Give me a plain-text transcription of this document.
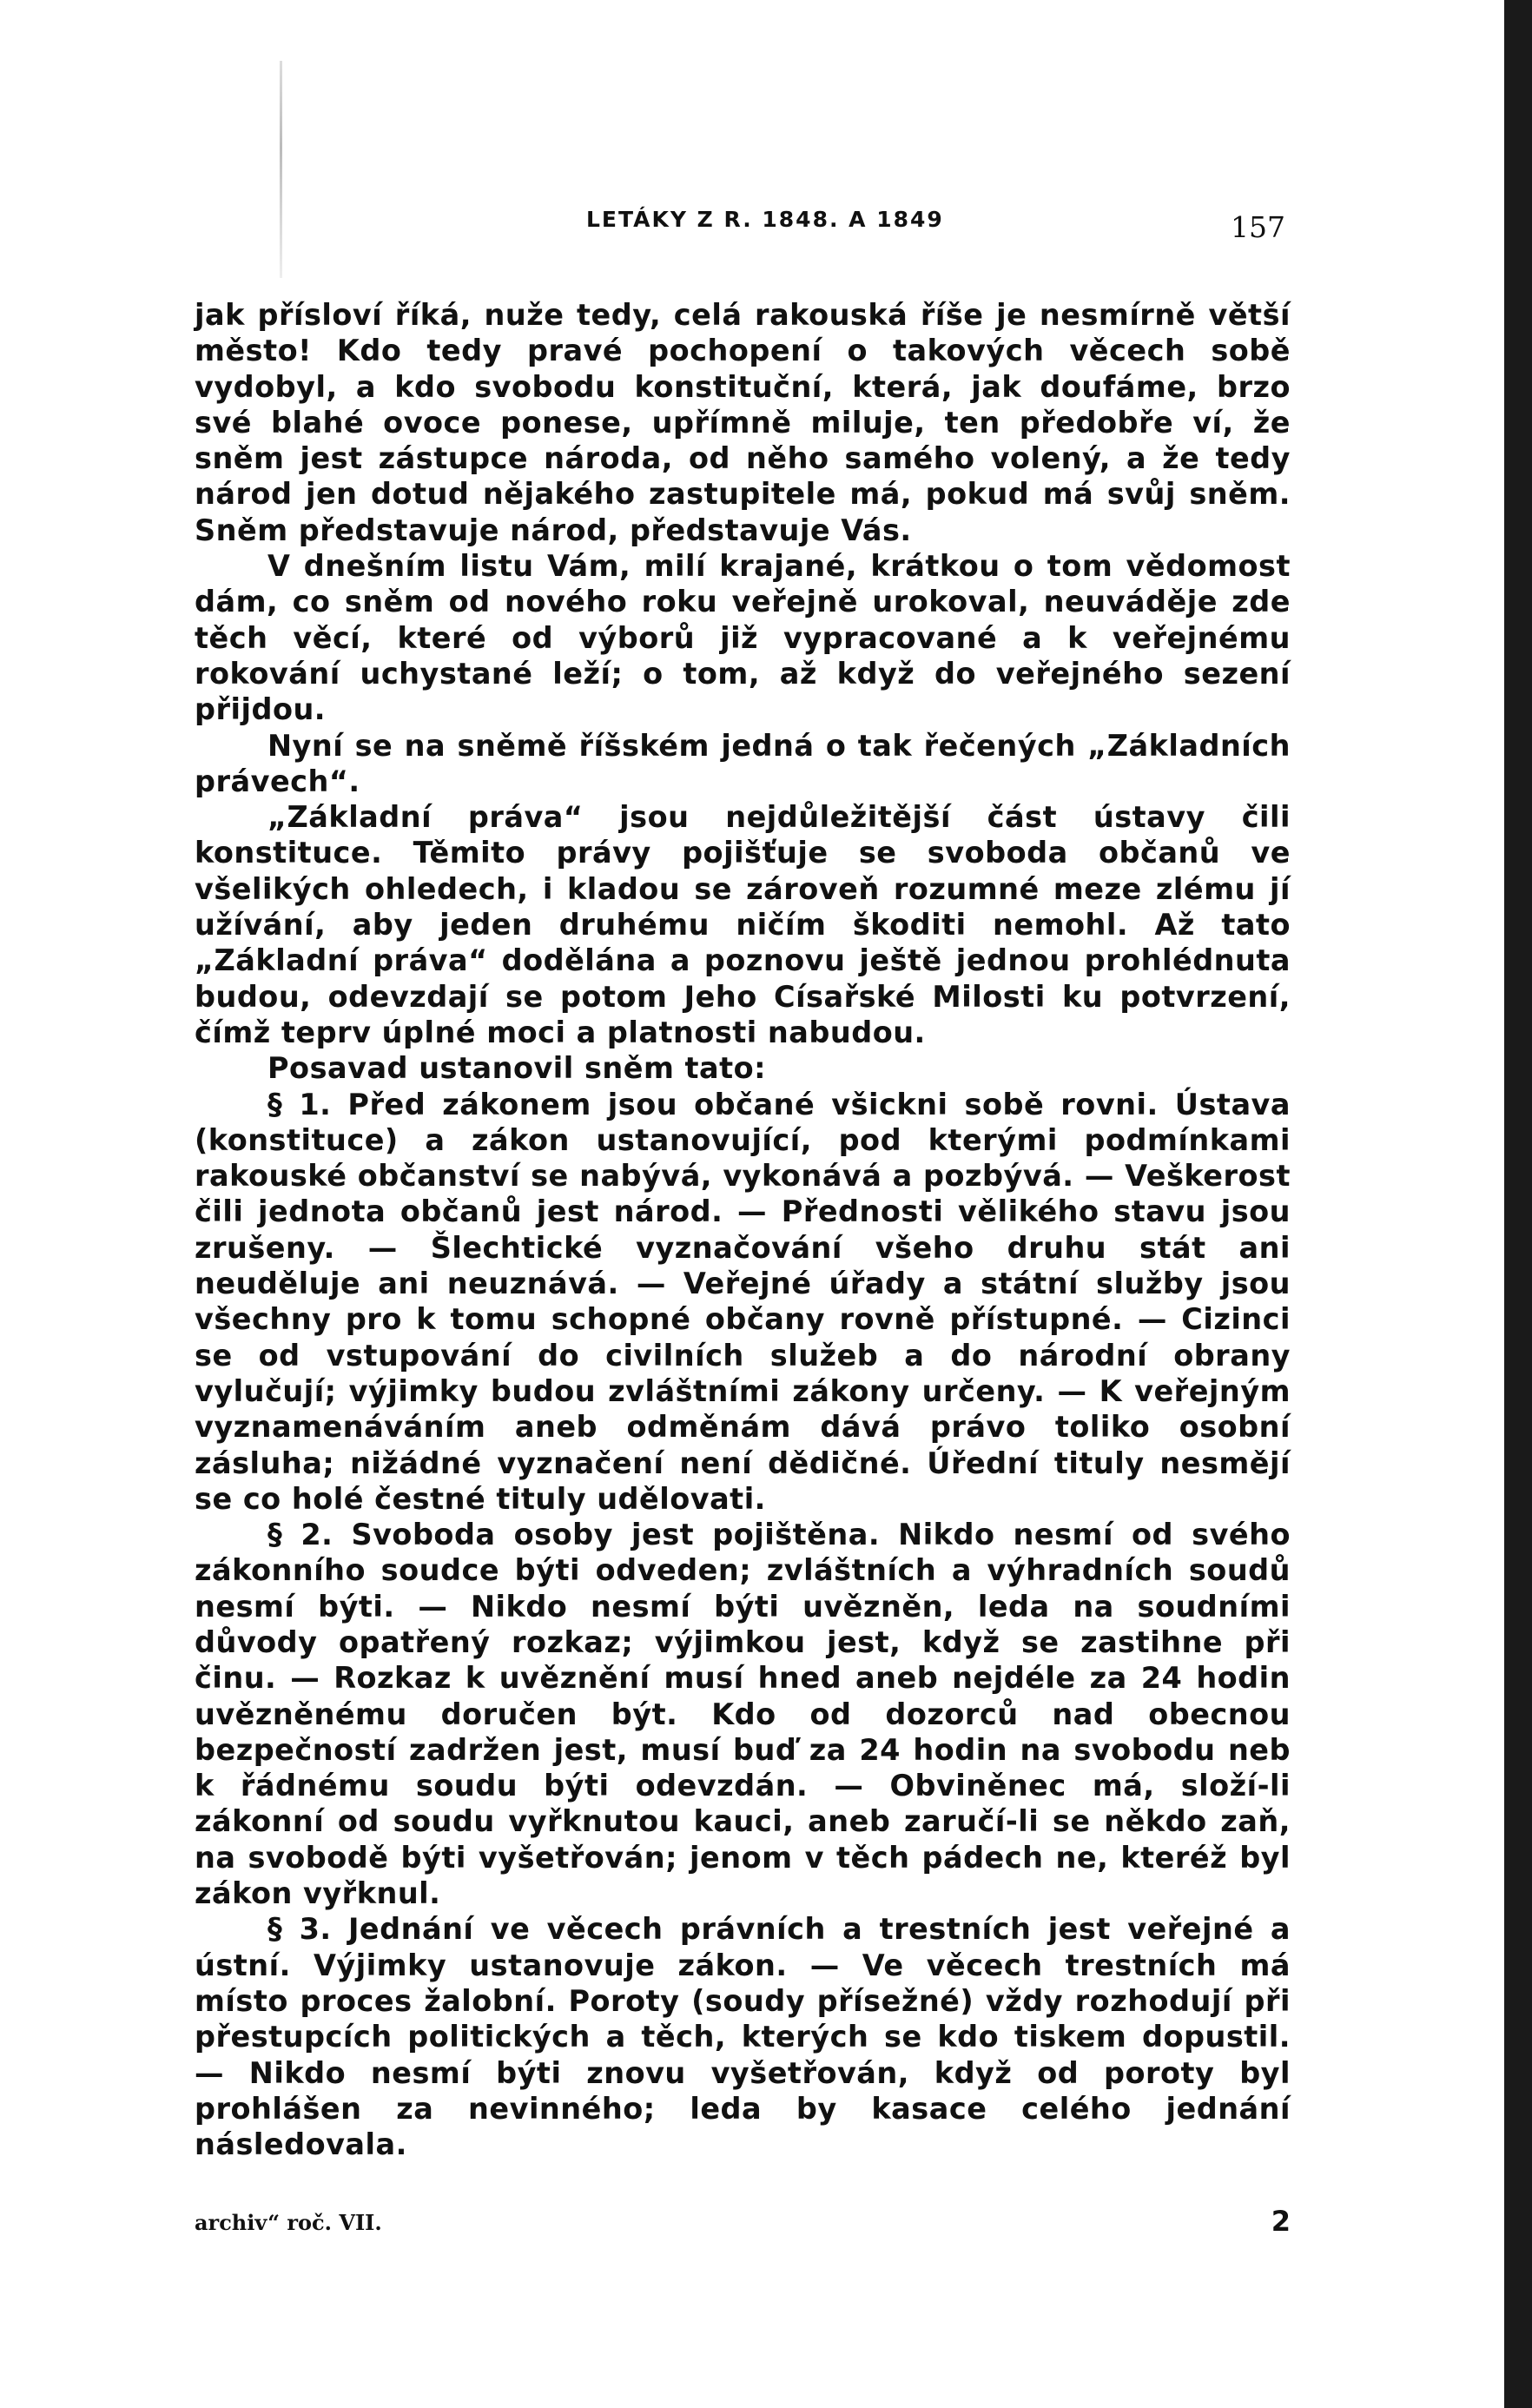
LETÁKY Z R. 1848. A 1849	157

jak přísloví říká, nuže tedy, celá rakouská říše je nesmírně větší město! Kdo tedy pravé pochopení o takových věcech sobě vydobyl, a kdo svobodu konstituční, která, jak doufáme, brzo své blahé ovoce ponese, upřímně miluje, ten předobře ví, že sněm jest zástupce národa, od něho samého volený, a že tedy národ jen dotud nějakého zastupitele má, pokud má svůj sněm. Sněm představuje národ, představuje Vás.

V dnešním listu Vám, milí krajané, krátkou o tom vědomost dám, co sněm od nového roku veřejně urokoval, neuváděje zde těch věcí, které od výborů již vypracované a k veřejnému rokování uchystané leží; o tom, až když do veřejného sezení přijdou.

Nyní se na sněmě říšském jedná o tak řečených „Základních právech“.

„Základní práva“ jsou nejdůležitější část ústavy čili konstituce. Těmito právy pojišťuje se svoboda občanů ve všelikých ohledech, i kladou se zároveň rozumné meze zlému jí užívání, aby jeden druhému ničím škoditi nemohl. Až tato „Základní práva“ dodělána a poznovu ještě jednou prohlédnuta budou, odevzdají se potom Jeho Císařské Milosti ku potvrzení, čímž teprv úplné moci a platnosti nabudou.

Posavad ustanovil sněm tato:

§ 1. Před zákonem jsou občané všickni sobě rovni. Ústava (konstituce) a zákon ustanovující, pod kterými podmínkami rakouské občanství se nabývá, vykonává a pozbývá. — Veškerost čili jednota občanů jest národ. — Přednosti vělikého stavu jsou zrušeny. — Šlechtické vyznačování všeho druhu stát ani neuděluje ani neuznává. — Veřejné úřady a státní služby jsou všechny pro k tomu schopné občany rovně přístupné. — Cizinci se od vstupování do civilních služeb a do národní obrany vylučují; výjimky budou zvláštními zákony určeny. — K veřejným vyznamenáváním aneb odměnám dává právo toliko osobní zásluha; nižádné vyznačení není dědičné. Úřední tituly nesmějí se co holé čestné tituly udělovati.

§ 2. Svoboda osoby jest pojištěna. Nikdo nesmí od svého zákonního soudce býti odveden; zvláštních a výhradních soudů nesmí býti. — Nikdo nesmí býti uvězněn, leda na soudními důvody opatřený rozkaz; výjimkou jest, když se zastihne při činu. — Rozkaz k uvěznění musí hned aneb nejdéle za 24 hodin uvězněnému doručen být. Kdo od dozorců nad obecnou bezpečností zadržen jest, musí buď za 24 hodin na svobodu neb k řádnému soudu býti odevzdán. — Obviněnec má, složí-li zákonní od soudu vyřknutou kauci, aneb zaručí-li se někdo zaň, na svobodě býti vyšetřován; jenom v těch pádech ne, kteréž byl zákon vyřknul.

§ 3. Jednání ve věcech právních a trestních jest veřejné a ústní. Výjimky ustanovuje zákon. — Ve věcech trestních má místo proces žalobní. Poroty (soudy přísežné) vždy rozhodují při přestupcích politických a těch, kterých se kdo tiskem dopustil. — Nikdo nesmí býti znovu vyšetřován, když od poroty byl prohlášen za nevinného; leda by kasace celého jednání následovala.

archiv“ roč. VII.	2
